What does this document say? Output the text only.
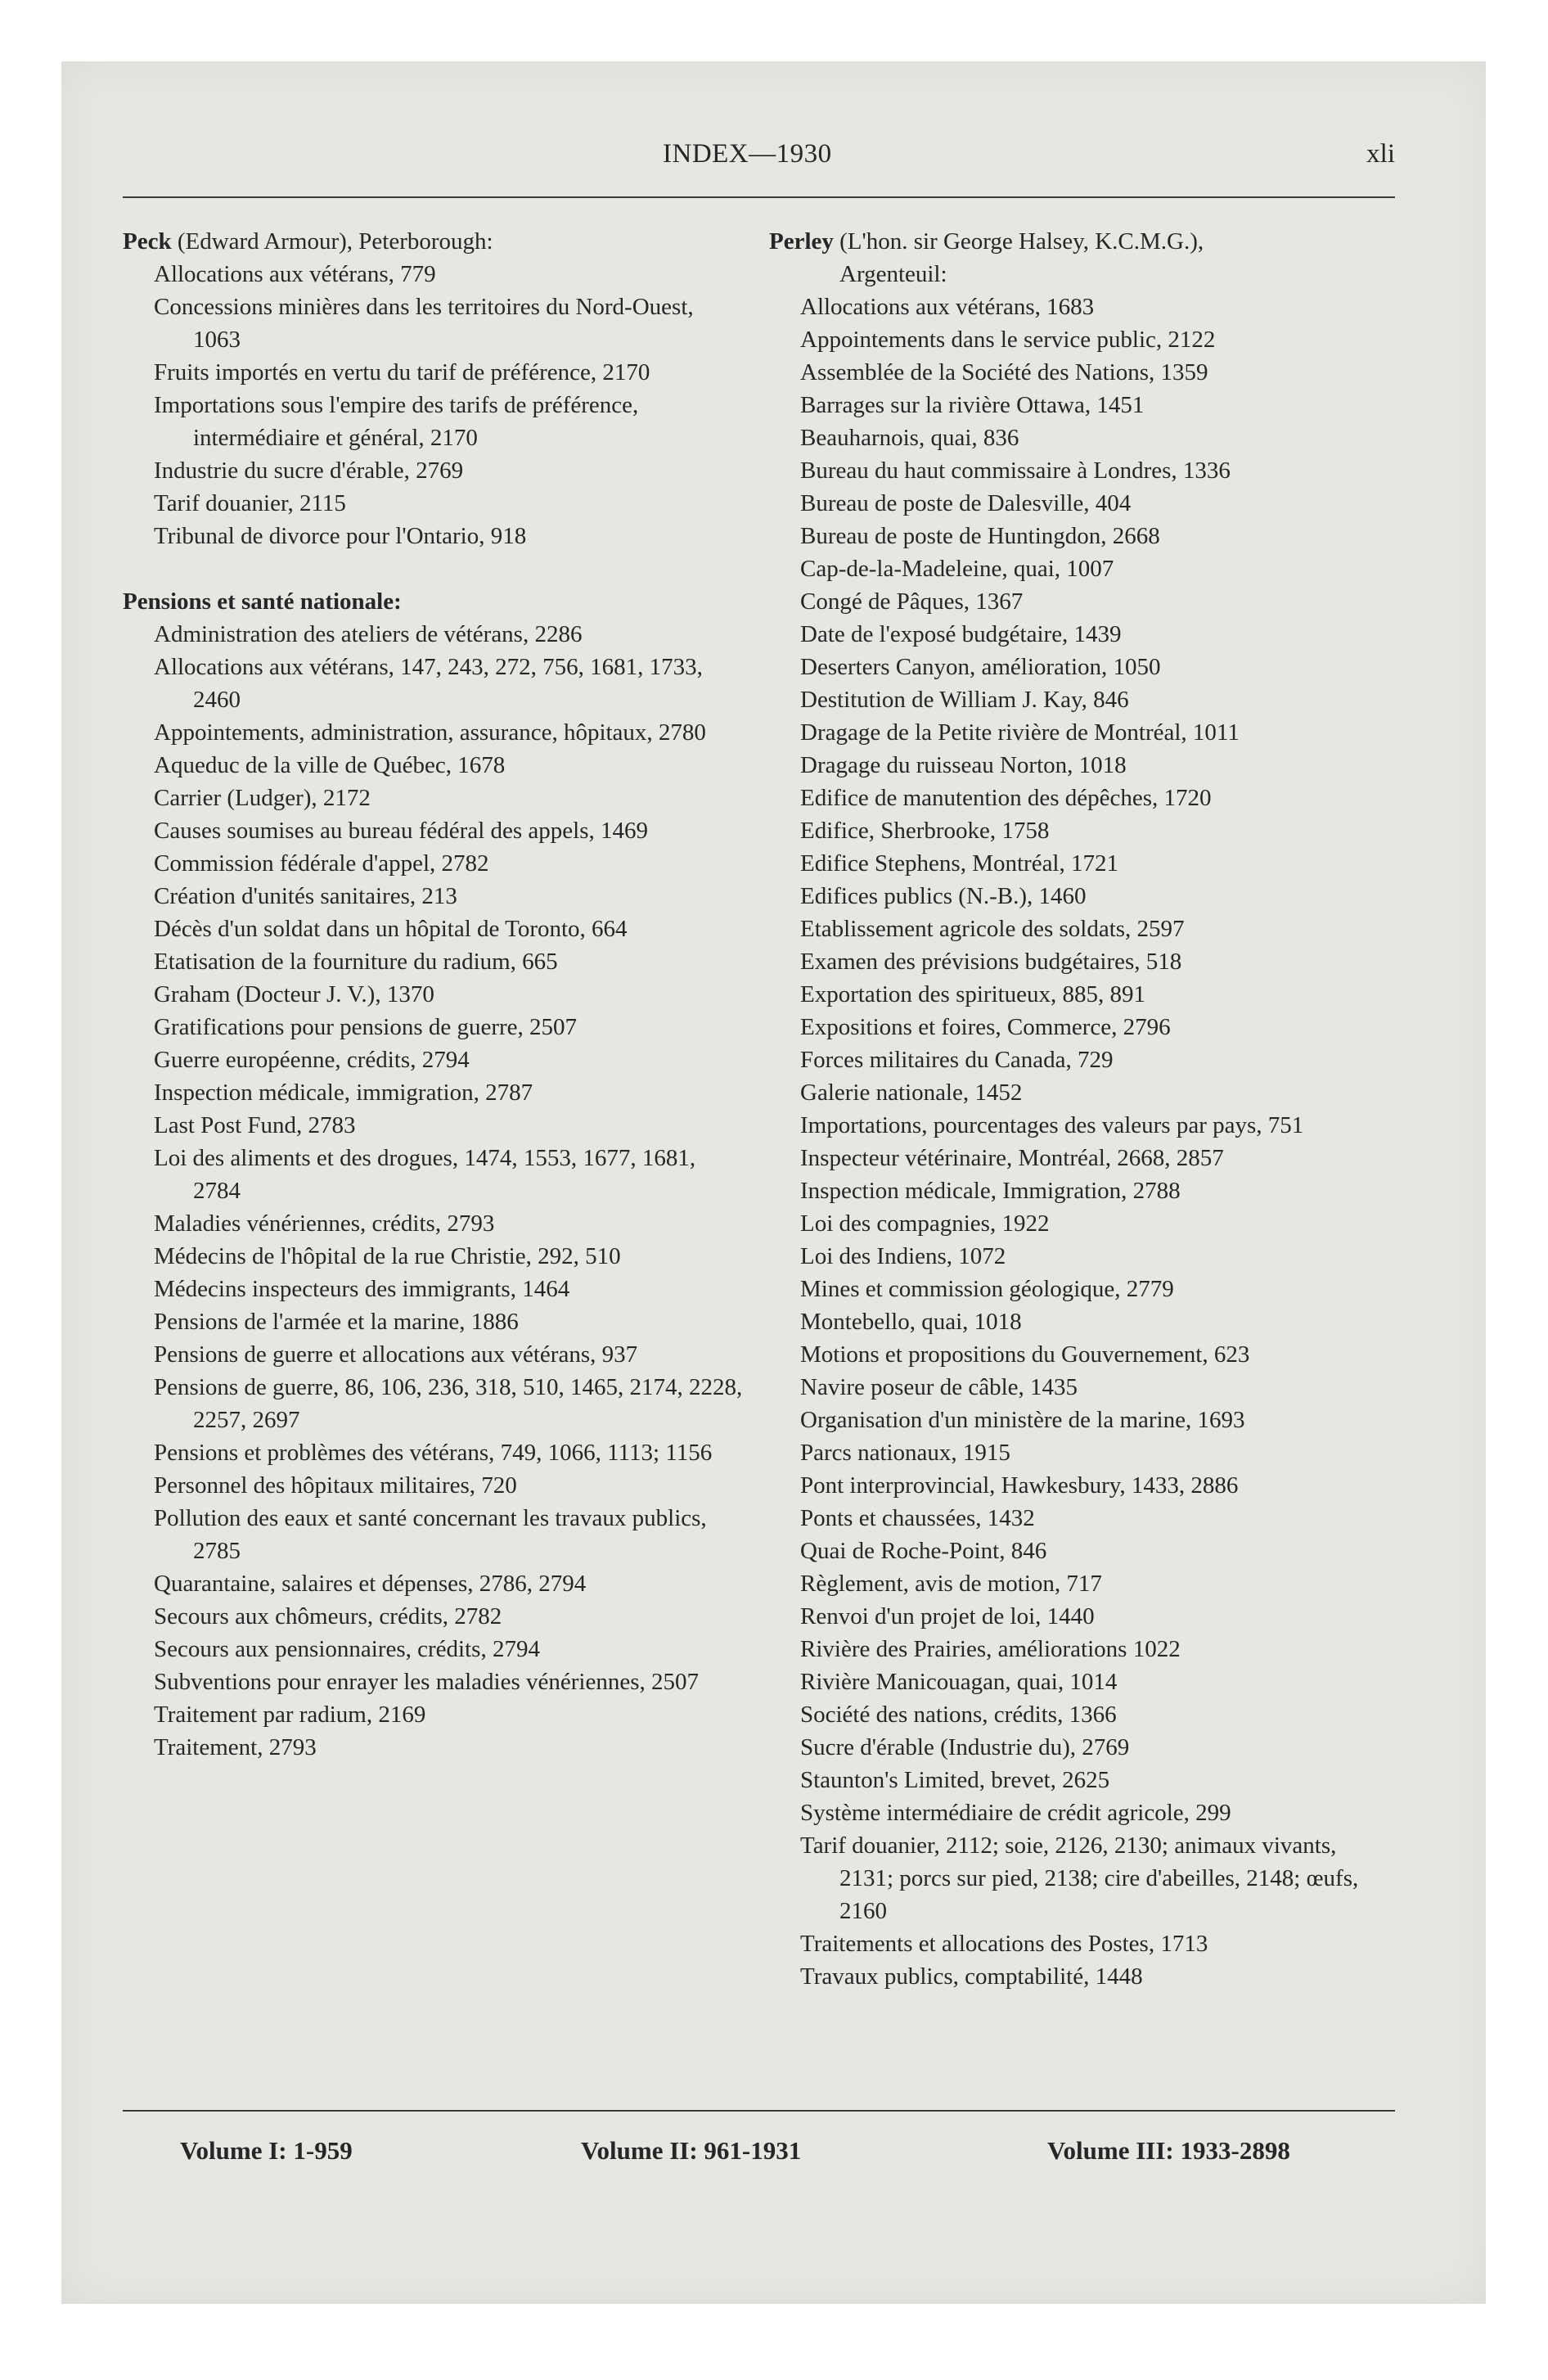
INDEX—1930	xli

Peck (Edward Armour), Peterborough:

Allocations aux vétérans, 779

Concessions minières dans les territoires du Nord-Ouest, 1063

Fruits importés en vertu du tarif de préférence, 2170

Importations sous l'empire des tarifs de préférence, intermédiaire et général, 2170

Industrie du sucre d'érable, 2769

Tarif douanier, 2115

Tribunal de divorce pour l'Ontario, 918

Pensions et santé nationale:

Administration des ateliers de vétérans, 2286

Allocations aux vétérans, 147, 243, 272, 756, 1681, 1733, 2460

Appointements, administration, assurance, hôpitaux, 2780

Aqueduc de la ville de Québec, 1678

Carrier (Ludger), 2172

Causes soumises au bureau fédéral des appels, 1469

Commission fédérale d'appel, 2782

Création d'unités sanitaires, 213

Décès d'un soldat dans un hôpital de Toronto, 664

Etatisation de la fourniture du radium, 665

Graham (Docteur J. V.), 1370

Gratifications pour pensions de guerre, 2507

Guerre européenne, crédits, 2794

Inspection médicale, immigration, 2787

Last Post Fund, 2783

Loi des aliments et des drogues, 1474, 1553, 1677, 1681, 2784

Maladies vénériennes, crédits, 2793

Médecins de l'hôpital de la rue Christie, 292, 510

Médecins inspecteurs des immigrants, 1464

Pensions de l'armée et la marine, 1886

Pensions de guerre et allocations aux vétérans, 937

Pensions de guerre, 86, 106, 236, 318, 510, 1465, 2174, 2228, 2257, 2697

Pensions et problèmes des vétérans, 749, 1066, 1113; 1156

Personnel des hôpitaux militaires, 720

Pollution des eaux et santé concernant les travaux publics, 2785

Quarantaine, salaires et dépenses, 2786, 2794

Secours aux chômeurs, crédits, 2782

Secours aux pensionnaires, crédits, 2794

Subventions pour enrayer les maladies vénériennes, 2507

Traitement par radium, 2169

Traitement, 2793

Perley (L'hon. sir George Halsey, K.C.M.G.),

Argenteuil:

Allocations aux vétérans, 1683

Appointements dans le service public, 2122

Assemblée de la Société des Nations, 1359

Barrages sur la rivière Ottawa, 1451

Beauharnois, quai, 836

Bureau du haut commissaire à Londres, 1336

Bureau de poste de Dalesville, 404

Bureau de poste de Huntingdon, 2668

Cap-de-la-Madeleine, quai, 1007

Congé de Pâques, 1367

Date de l'exposé budgétaire, 1439

Deserters Canyon, amélioration, 1050

Destitution de William J. Kay, 846

Dragage de la Petite rivière de Montréal, 1011

Dragage du ruisseau Norton, 1018

Edifice de manutention des dépêches, 1720

Edifice, Sherbrooke, 1758

Edifice Stephens, Montréal, 1721

Edifices publics (N.-B.), 1460

Etablissement agricole des soldats, 2597

Examen des prévisions budgétaires, 518

Exportation des spiritueux, 885, 891

Expositions et foires, Commerce, 2796

Forces militaires du Canada, 729

Galerie nationale, 1452

Importations, pourcentages des valeurs par pays, 751

Inspecteur vétérinaire, Montréal, 2668, 2857

Inspection médicale, Immigration, 2788

Loi des compagnies, 1922

Loi des Indiens, 1072

Mines et commission géologique, 2779

Montebello, quai, 1018

Motions et propositions du Gouvernement, 623

Navire poseur de câble, 1435

Organisation d'un ministère de la marine, 1693

Parcs nationaux, 1915

Pont interprovincial, Hawkesbury, 1433, 2886

Ponts et chaussées, 1432

Quai de Roche-Point, 846

Règlement, avis de motion, 717

Renvoi d'un projet de loi, 1440

Rivière des Prairies, améliorations 1022

Rivière Manicouagan, quai, 1014

Société des nations, crédits, 1366

Sucre d'érable (Industrie du), 2769

Staunton's Limited, brevet, 2625

Système intermédiaire de crédit agricole, 299

Tarif douanier, 2112; soie, 2126, 2130; animaux vivants, 2131; porcs sur pied, 2138; cire d'abeilles, 2148; œufs, 2160

Traitements et allocations des Postes, 1713

Travaux publics, comptabilité, 1448

Volume I: 1-959	Volume II: 961-1931	Volume III: 1933-2898
